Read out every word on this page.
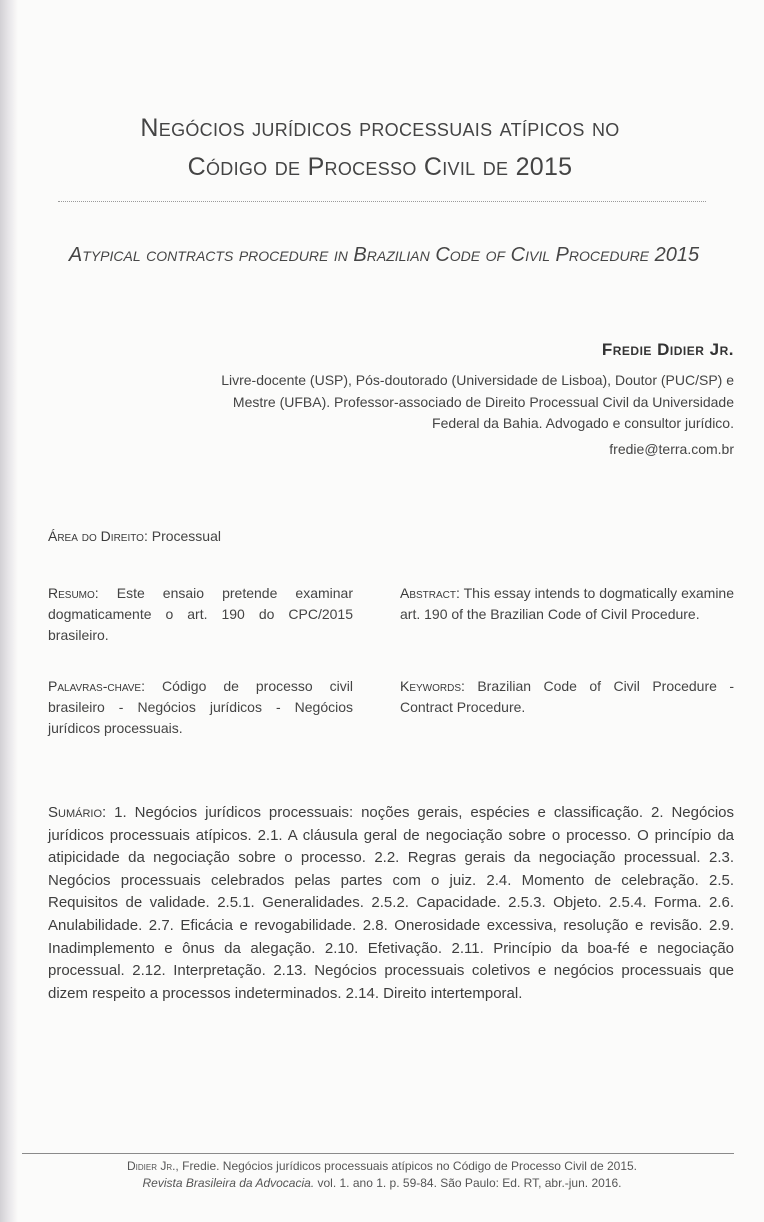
Negócios jurídicos processuais atípicos no
Código de Processo Civil de 2015
Atypical contracts procedure in Brazilian Code of Civil Procedure 2015
Fredie Didier Jr.
Livre-docente (USP), Pós-doutorado (Universidade de Lisboa), Doutor (PUC/SP) e Mestre (UFBA). Professor-associado de Direito Processual Civil da Universidade Federal da Bahia. Advogado e consultor jurídico.
fredie@terra.com.br
Área do Direito: Processual
Resumo: Este ensaio pretende examinar dogmaticamente o art. 190 do CPC/2015 brasileiro.
Abstract: This essay intends to dogmatically examine art. 190 of the Brazilian Code of Civil Procedure.
Palavras-chave: Código de processo civil brasileiro - Negócios jurídicos - Negócios jurídicos processuais.
Keywords: Brazilian Code of Civil Procedure - Contract Procedure.
Sumário: 1. Negócios jurídicos processuais: noções gerais, espécies e classificação. 2. Negócios jurídicos processuais atípicos. 2.1. A cláusula geral de negociação sobre o processo. O princípio da atipicidade da negociação sobre o processo. 2.2. Regras gerais da negociação processual. 2.3. Negócios processuais celebrados pelas partes com o juiz. 2.4. Momento de celebração. 2.5. Requisitos de validade. 2.5.1. Generalidades. 2.5.2. Capacidade. 2.5.3. Objeto. 2.5.4. Forma. 2.6. Anulabilidade. 2.7. Eficácia e revogabilidade. 2.8. Onerosidade excessiva, resolução e revisão. 2.9. Inadimplemento e ônus da alegação. 2.10. Efetivação. 2.11. Princípio da boa-fé e negociação processual. 2.12. Interpretação. 2.13. Negócios processuais coletivos e negócios processuais que dizem respeito a processos indeterminados. 2.14. Direito intertemporal.
Didier Jr., Fredie. Negócios jurídicos processuais atípicos no Código de Processo Civil de 2015.
Revista Brasileira da Advocacia. vol. 1. ano 1. p. 59-84. São Paulo: Ed. RT, abr.-jun. 2016.
